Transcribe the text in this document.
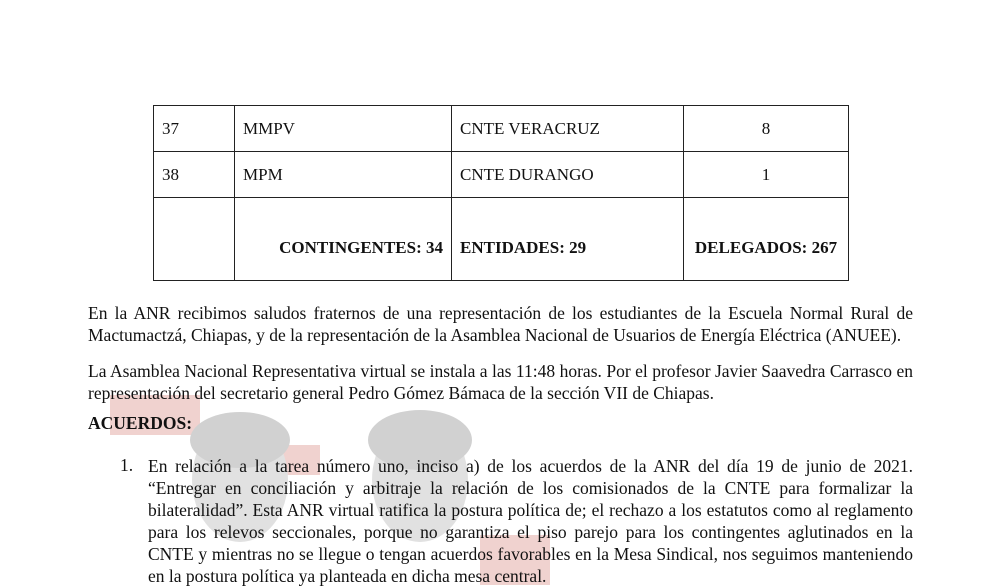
37	MMPV	CNTE VERACRUZ	8
38	MPM	CNTE DURANGO	1
	CONTINGENTES: 34	ENTIDADES: 29	DELEGADOS: 267

En la ANR recibimos saludos fraternos de una representación de los estudiantes de la Escuela Normal Rural de Mactumactzá, Chiapas, y de la representación de la Asamblea Nacional de Usuarios de Energía Eléctrica (ANUEE).

La Asamblea Nacional Representativa virtual se instala a las 11:48 horas. Por el profesor Javier Saavedra Carrasco en representación del secretario general Pedro Gómez Bámaca de la sección VII de Chiapas.

ACUERDOS:

1. En relación a la tarea número uno, inciso a) de los acuerdos de la ANR del día 19 de junio de 2021. “Entregar en conciliación y arbitraje la relación de los comisionados de la CNTE para formalizar la bilateralidad”. Esta ANR virtual ratifica la postura política de; el rechazo a los estatutos como al reglamento para los relevos seccionales, porque no garantiza el piso parejo para los contingentes aglutinados en la CNTE y mientras no se llegue o tengan acuerdos favorables en la Mesa Sindical, nos seguimos manteniendo en la postura política ya planteada en dicha mesa central.
